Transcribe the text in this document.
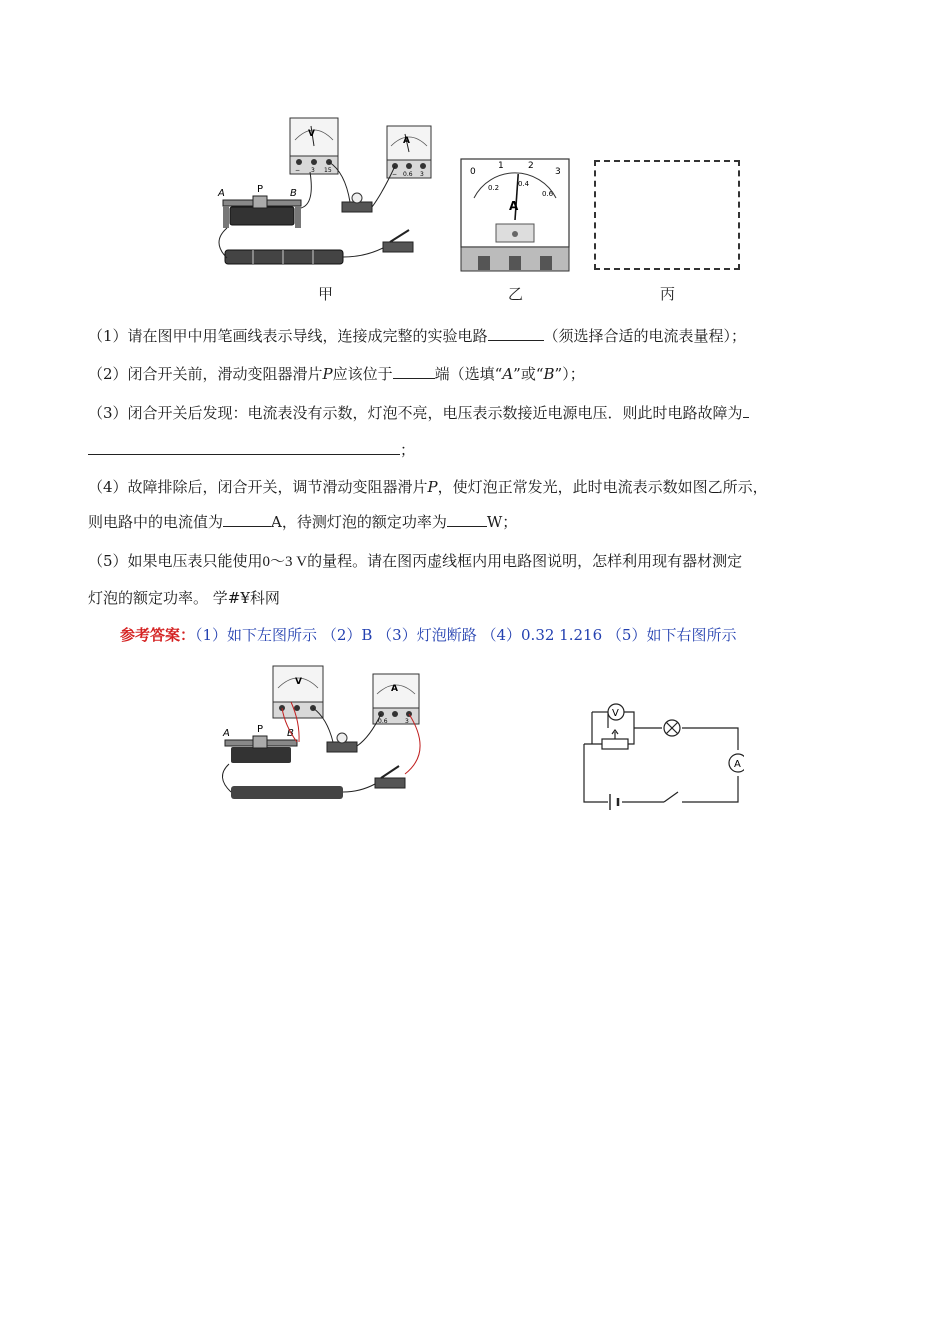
V
− 3 15
A
− 0.6 3
A	P	B
0
1	2
3
0.2	0.4
0.6
A
甲	乙	丙
（1）请在图甲中用笔画线表示导线，连接成完整的实验电路	（须选择合适的电流表量程）；
（2）闭合开关前，滑动变阻器滑片P应该位于	端（选填“A”或“B”）；
（3）闭合开关后发现：电流表没有示数，灯泡不亮，电压表示数接近电源电压．则此时电路故障为
；
（4）故障排除后，闭合开关，调节滑动变阻器滑片P，使灯泡正常发光，此时电流表示数如图乙所示，
则电路中的电流值为	A，待测灯泡的额定功率为	W；
（5）如果电压表只能使用0～3 V的量程。请在图丙虚线框内用电路图说明，怎样利用现有器材测定
灯泡的额定功率。 学#¥科网
参考答案：（1）如下左图所示 （2）B （3）灯泡断路 （4）0.32 1.216 （5）如下右图所示
V
A
0.6	3
A	P B
V
A
